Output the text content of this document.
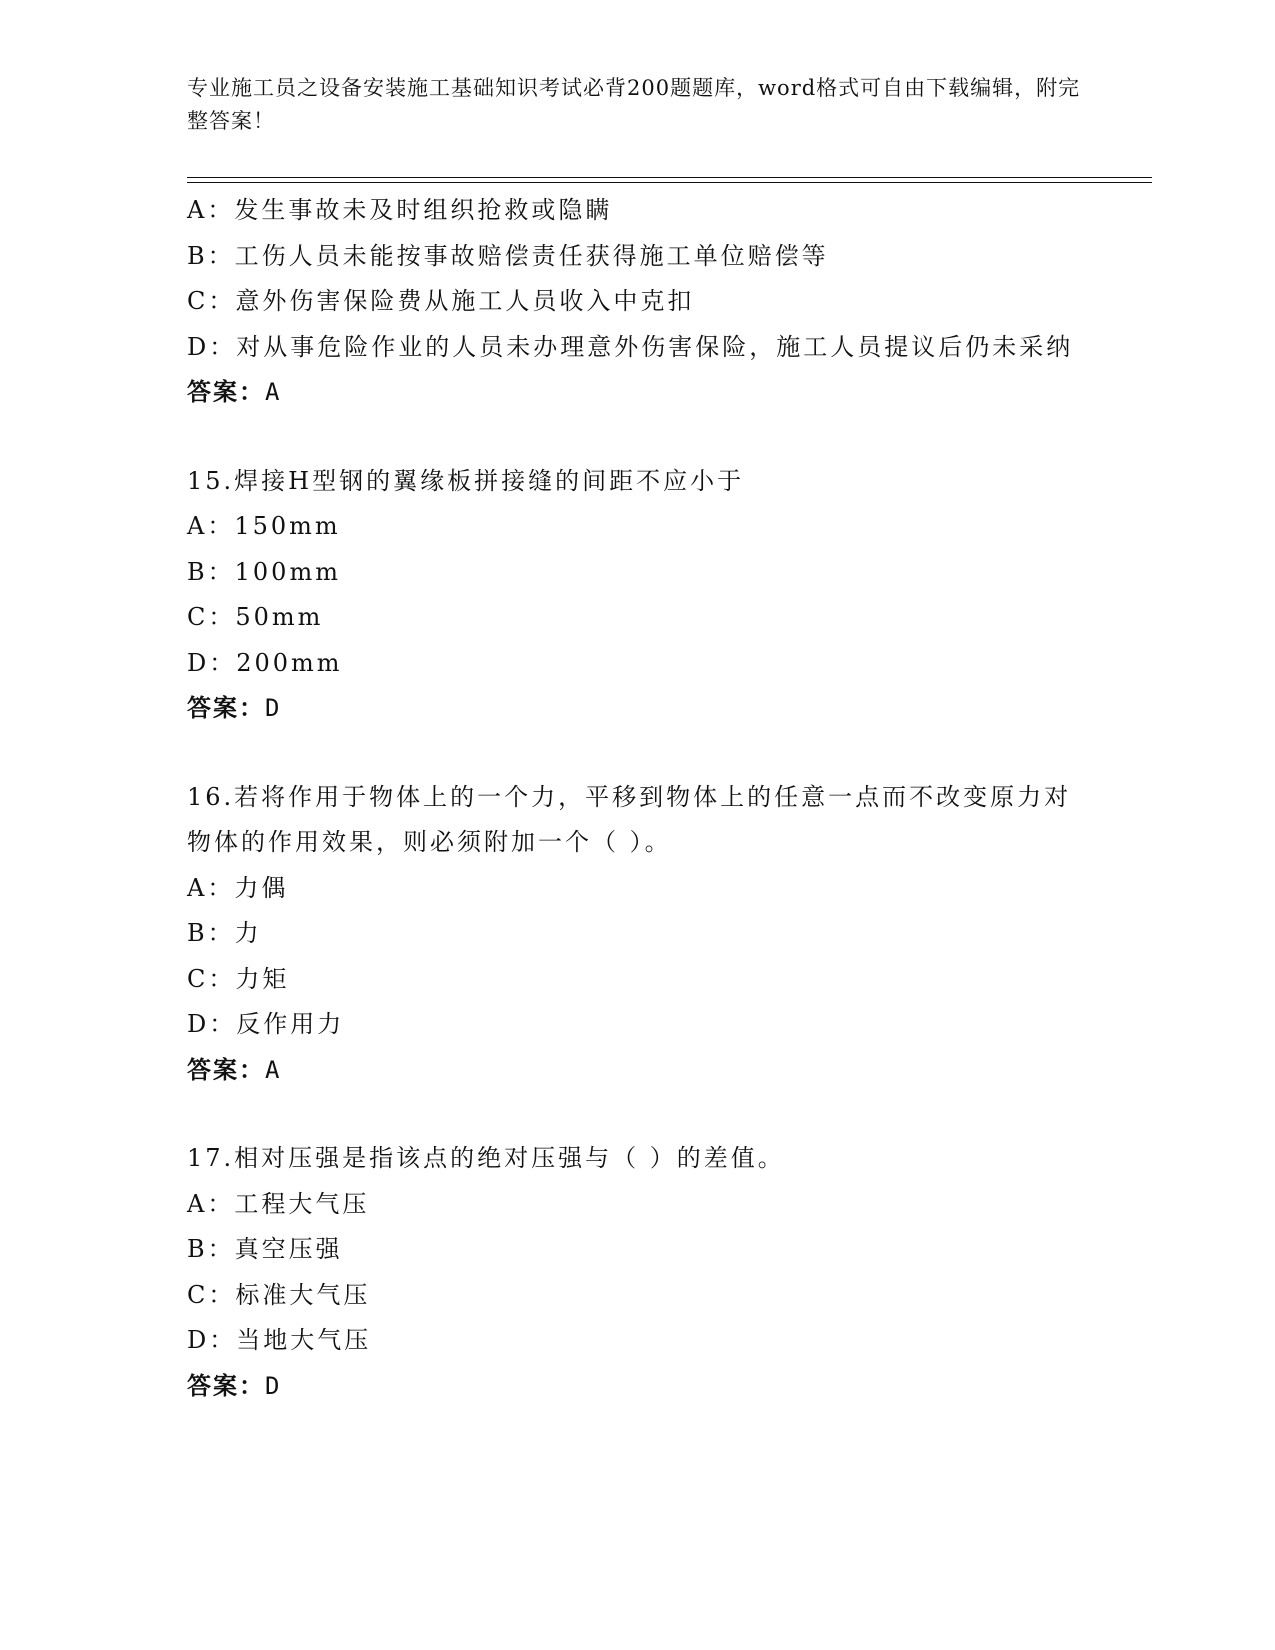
专业施工员之设备安装施工基础知识考试必背200题题库，word格式可自由下载编辑，附完整答案！
A：发生事故未及时组织抢救或隐瞒
B：工伤人员未能按事故赔偿责任获得施工单位赔偿等
C：意外伤害保险费从施工人员收入中克扣
D：对从事危险作业的人员未办理意外伤害保险，施工人员提议后仍未采纳
答案：A
15.焊接H型钢的翼缘板拼接缝的间距不应小于
A：150mm
B：100mm
C：50mm
D：200mm
答案：D
16.若将作用于物体上的一个力，平移到物体上的任意一点而不改变原力对物体的作用效果，则必须附加一个（ ）。
A：力偶
B：力
C：力矩
D：反作用力
答案：A
17.相对压强是指该点的绝对压强与（ ）的差值。
A：工程大气压
B：真空压强
C：标准大气压
D：当地大气压
答案：D
